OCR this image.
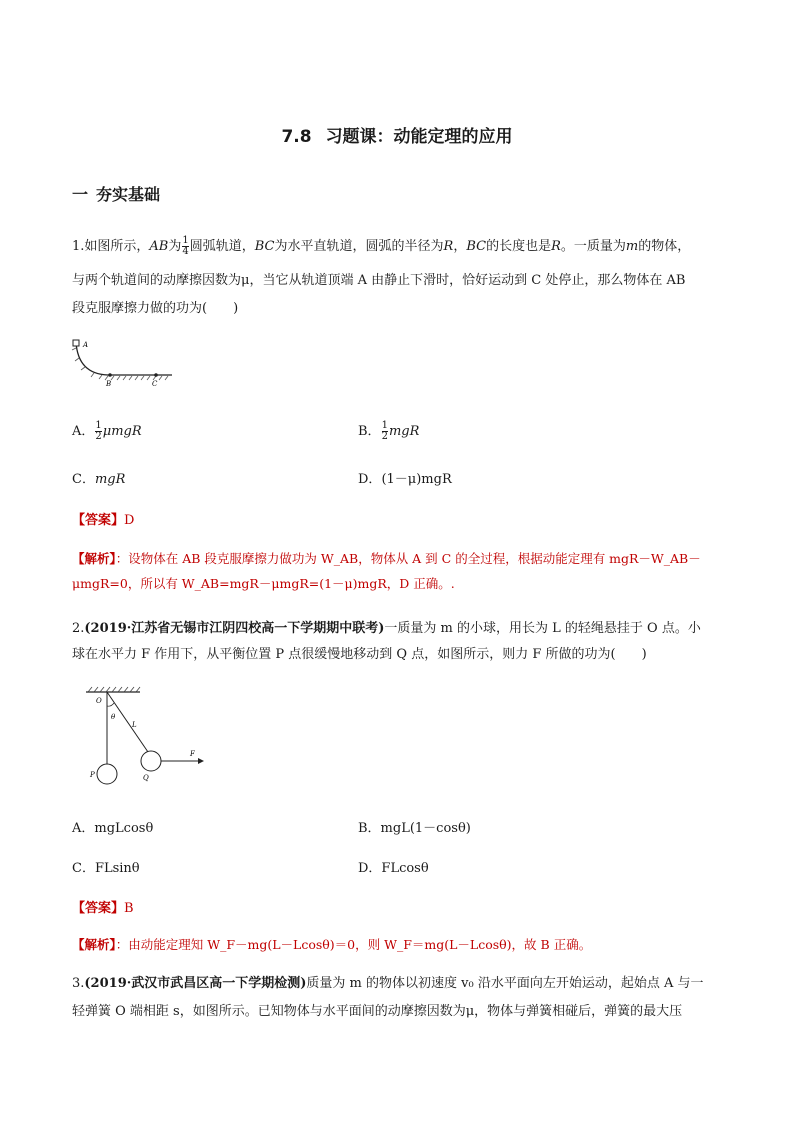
7.8 习题课：动能定理的应用
一 夯实基础
1.如图所示，AB为 $\frac{1}{4}$ 圆弧轨道，BC为水平直轨道，圆弧的半径为R，BC的长度也是R。一质量为m的物体，
与两个轨道间的动摩擦因数为μ，当它从轨道顶端 A 由静止下滑时，恰好运动到 C 处停止，那么物体在 AB
段克服摩擦力做的功为(　　)
A
B	C
A． $\frac{1}{2}$ μmgR	B． $\frac{1}{2}$ mgR
C．mgR	D．(1－μ)mgR
【答案】D
【解析】：设物体在 AB 段克服摩擦力做功为 W_AB，物体从 A 到 C 的全过程，根据动能定理有 mgR－W_AB－
μmgR=0，所以有 W_AB=mgR－μmgR=(1－μ)mgR，D 正确。.
2.(2019·江苏省无锡市江阴四校高一下学期期中联考)一质量为 m 的小球，用长为 L 的轻绳悬挂于 O 点。小
球在水平力 F 作用下，从平衡位置 P 点很缓慢地移动到 Q 点，如图所示，则力 F 所做的功为(　　)
O
θ
L
P	Q
F
A．mgLcosθ	B．mgL(1－cosθ)
C．FLsinθ	D．FLcosθ
【答案】B
【解析】：由动能定理知 W_F－mg(L－Lcosθ)＝0，则 W_F＝mg(L－Lcosθ)，故 B 正确。
3.(2019·武汉市武昌区高一下学期检测)质量为 m 的物体以初速度 v₀ 沿水平面向左开始运动，起始点 A 与一
轻弹簧 O 端相距 s，如图所示。已知物体与水平面间的动摩擦因数为μ，物体与弹簧相碰后，弹簧的最大压
